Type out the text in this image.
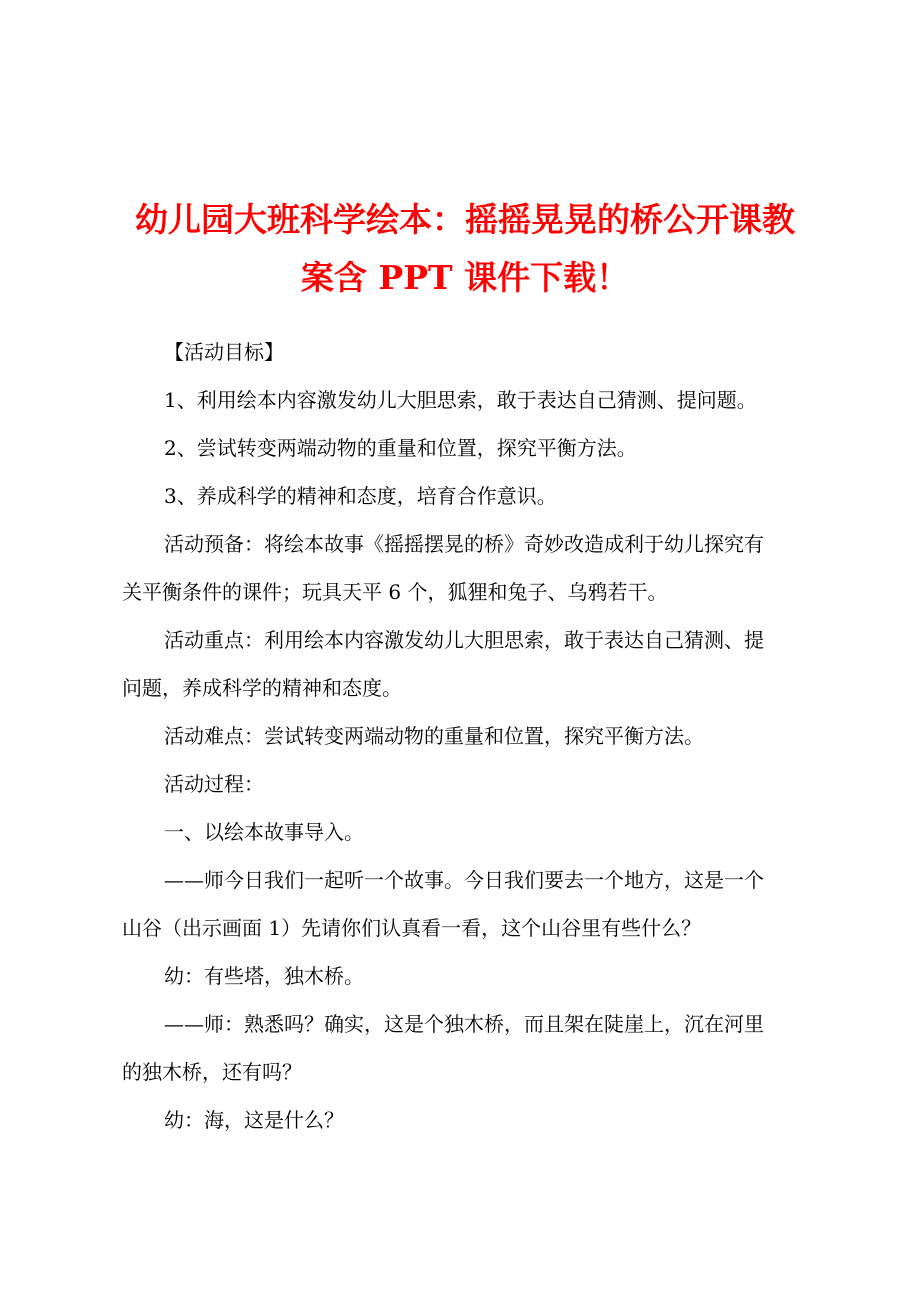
幼儿园大班科学绘本：摇摇晃晃的桥公开课教
案含 PPT 课件下载！
【活动目标】
1、利用绘本内容激发幼儿大胆思索，敢于表达自己猜测、提问题。
2、尝试转变两端动物的重量和位置，探究平衡方法。
3、养成科学的精神和态度，培育合作意识。
活动预备：将绘本故事《摇摇摆晃的桥》奇妙改造成利于幼儿探究有
关平衡条件的课件；玩具天平 6 个，狐狸和兔子、乌鸦若干。
活动重点：利用绘本内容激发幼儿大胆思索，敢于表达自己猜测、提
问题，养成科学的精神和态度。
活动难点：尝试转变两端动物的重量和位置，探究平衡方法。
活动过程：
一、以绘本故事导入。
——师今日我们一起听一个故事。今日我们要去一个地方，这是一个
山谷（出示画面 1）先请你们认真看一看，这个山谷里有些什么？
幼：有些塔，独木桥。
——师：熟悉吗？确实，这是个独木桥，而且架在陡崖上，沉在河里
的独木桥，还有吗？
幼：海，这是什么？
